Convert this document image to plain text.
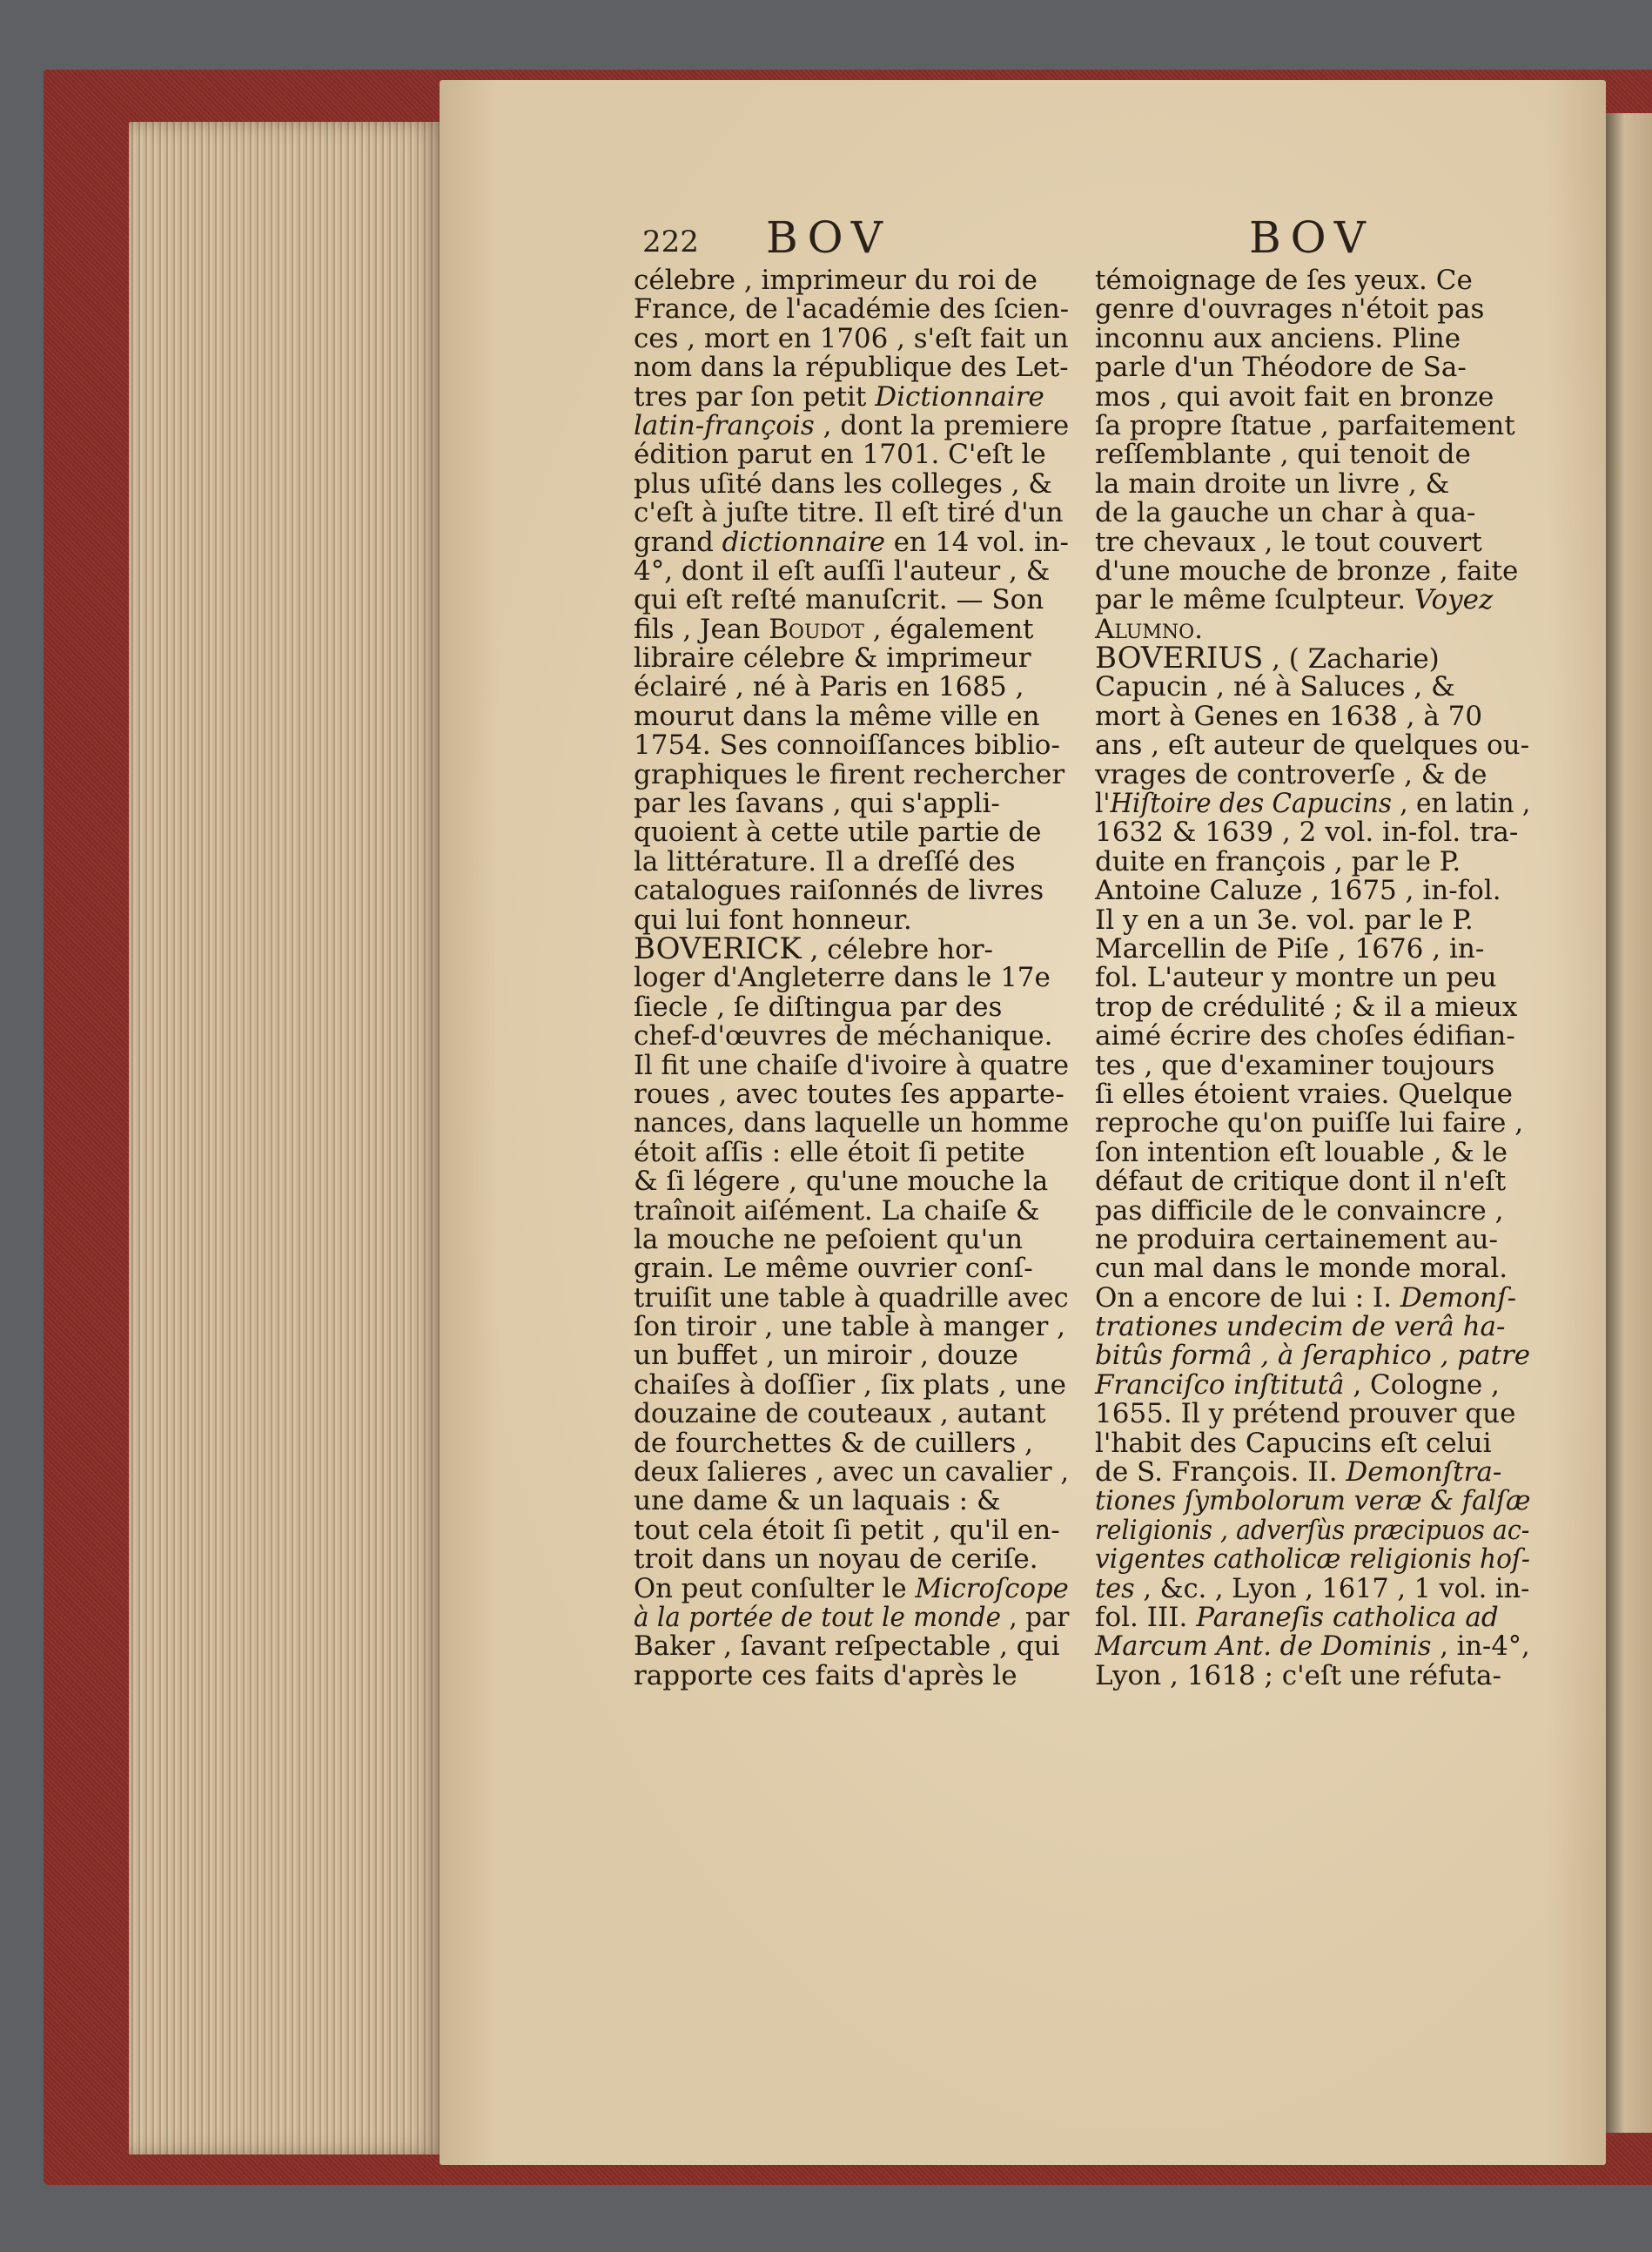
222 BOV	BOV
célebre , imprimeur du roi de
France, de l'académie des ſcien-
ces , mort en 1706 , s'eſt fait un
nom dans la république des Let-
tres par ſon petit Dictionnaire
latin-françois , dont la premiere
édition parut en 1701. C'eſt le
plus uſité dans les colleges , &
c'eſt à juſte titre. Il eſt tiré d'un
grand dictionnaire en 14 vol. in-
4°, dont il eſt auſſi l'auteur , &
qui eſt reſté manuſcrit. — Son
fils , Jean Boudot , également
libraire célebre & imprimeur
éclairé , né à Paris en 1685 ,
mourut dans la même ville en
1754. Ses connoiſſances biblio-
graphiques le firent rechercher
par les ſavans , qui s'appli-
quoient à cette utile partie de
la littérature. Il a dreſſé des
catalogues raiſonnés de livres
qui lui font honneur.
BOVERICK , célebre hor-
loger d'Angleterre dans le 17e
ſiecle , ſe diſtingua par des
chef-d'œuvres de méchanique.
Il fit une chaiſe d'ivoire à quatre
roues , avec toutes ſes apparte-
nances, dans laquelle un homme
étoit aſſis : elle étoit ſi petite
& ſi légere , qu'une mouche la
traînoit aiſément. La chaiſe &
la mouche ne peſoient qu'un
grain. Le même ouvrier conſ-
truiſit une table à quadrille avec
ſon tiroir , une table à manger ,
un buffet , un miroir , douze
chaiſes à doſſier , ſix plats , une
douzaine de couteaux , autant
de fourchettes & de cuillers ,
deux ſalieres , avec un cavalier ,
une dame & un laquais : &
tout cela étoit ſi petit , qu'il en-
troit dans un noyau de ceriſe.
On peut conſulter le Microſcope
à la portée de tout le monde , par
Baker , ſavant reſpectable , qui
rapporte ces faits d'après le
témoignage de ſes yeux. Ce
genre d'ouvrages n'étoit pas
inconnu aux anciens. Pline
parle d'un Théodore de Sa-
mos , qui avoit fait en bronze
ſa propre ſtatue , parfaitement
reſſemblante , qui tenoit de
la main droite un livre , &
de la gauche un char à qua-
tre chevaux , le tout couvert
d'une mouche de bronze , faite
par le même ſculpteur. Voyez
Alumno.
BOVERIUS , ( Zacharie)
Capucin , né à Saluces , &
mort à Genes en 1638 , à 70
ans , eſt auteur de quelques ou-
vrages de controverſe , & de
l'Hiſtoire des Capucins , en latin ,
1632 & 1639 , 2 vol. in-fol. tra-
duite en françois , par le P.
Antoine Caluze , 1675 , in-fol.
Il y en a un 3e. vol. par le P.
Marcellin de Piſe , 1676 , in-
fol. L'auteur y montre un peu
trop de crédulité ; & il a mieux
aimé écrire des choſes édifian-
tes , que d'examiner toujours
ſi elles étoient vraies. Quelque
reproche qu'on puiſſe lui faire ,
ſon intention eſt louable , & le
défaut de critique dont il n'eſt
pas difficile de le convaincre ,
ne produira certainement au-
cun mal dans le monde moral.
On a encore de lui : I. Demonſ-
trationes undecim de verâ ha-
bitûs formâ , à ſeraphico , patre
Franciſco inſtitutâ , Cologne ,
1655. Il y prétend prouver que
l'habit des Capucins eſt celui
de S. François. II. Demonſtra-
tiones ſymbolorum veræ & falſæ
religionis , adverſùs præcipuos ac-
vigentes catholicæ religionis hoſ-
tes , &c. , Lyon , 1617 , 1 vol. in-
fol. III. Paraneſis catholica ad
Marcum Ant. de Dominis , in-4°,
Lyon , 1618 ; c'eſt une réfuta-
